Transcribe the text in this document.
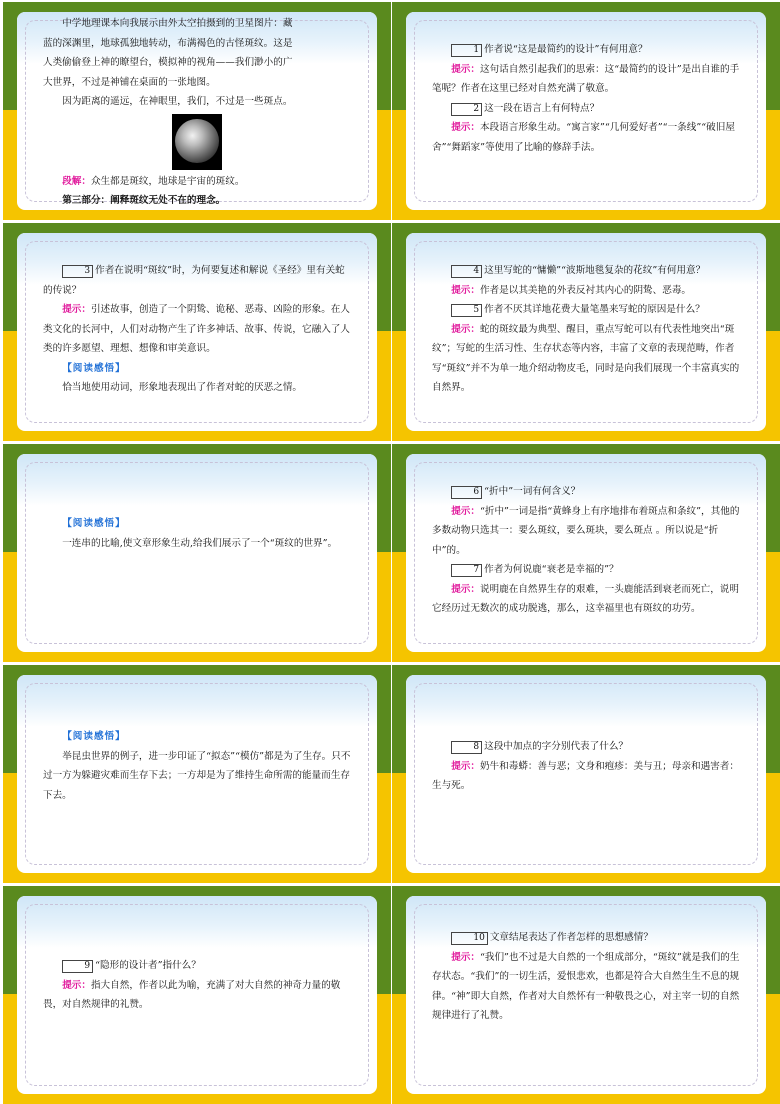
中学地理课本向我展示由外太空拍摄到的卫星图片：藏

蓝的深渊里，地球孤独地转动，布满褐色的古怪斑纹。这是

人类偷偷登上神的瞭望台，模拟神的视角——我们渺小的广

大世界，不过是神铺在桌面的一张地图。

因为距离的遥远，在神眼里，我们，不过是一些斑点。

段解：众生都是斑纹，地球是宇宙的斑纹。

第三部分：阐释斑纹无处不在的理念。

1 作者说“这是最简约的设计”有何用意？

提示：这句话自然引起我们的思索：这“最简约的设计”是出自谁的手笔呢？作者在这里已经对自然充满了敬意。

2 这一段在语言上有何特点？

提示：本段语言形象生动。“寓言家”“几何爱好者”“一条线”“破旧屋舍”“舞蹈家”等使用了比喻的修辞手法。

3 作者在说明“斑纹”时，为何要复述和解说《圣经》里有关蛇的传说？

提示：引述故事，创造了一个阴鸷、诡秘、恶毒、凶险的形象。在人类文化的长河中，人们对动物产生了许多神话、故事、传说，它融入了人类的许多愿望、理想、想像和审美意识。

【阅读感悟】

恰当地使用动词，形象地表现出了作者对蛇的厌恶之情。

4 这里写蛇的“慵懒”“波斯地毯复杂的花纹”有何用意？

提示：作者是以其美艳的外表反衬其内心的阴鸷、恶毒。

5 作者不厌其详地花费大量笔墨来写蛇的原因是什么？

提示：蛇的斑纹最为典型、醒目，重点写蛇可以有代表性地突出“斑纹”；写蛇的生活习性、生存状态等内容，丰富了文章的表现范畴，作者写“斑纹”并不为单一地介绍动物皮毛，同时是向我们展现一个丰富真实的自然界。

【阅读感悟】

一连串的比喻,使文章形象生动,给我们展示了一个“斑纹的世界”。

6 “折中”一词有何含义？

提示：“折中”一词是指“黄蜂身上有序地排布着斑点和条纹”，其他的多数动物只选其一：要么斑纹，要么斑块，要么斑点 。所以说是“折中”的。

7 作者为何说鹿“衰老是幸福的”？

提示：说明鹿在自然界生存的艰难，一头鹿能活到衰老而死亡，说明它经历过无数次的成功脱逃，那么，这幸福里也有斑纹的功劳。

【阅读感悟】

举昆虫世界的例子，进一步印证了“拟态”“模仿”都是为了生存。只不过一方为躲避灾难而生存下去；一方却是为了维持生命所需的能量而生存下去。

8 这段中加点的字分别代表了什么？

提示：奶牛和毒蟒：善与恶；文身和疱疹：美与丑；母亲和遇害者：生与死。

9 “隐形的设计者”指什么？

提示：指大自然，作者以此为喻，充满了对大自然的神奇力量的敬畏，对自然规律的礼赞。

10 文章结尾表达了作者怎样的思想感情？

提示：“我们”也不过是大自然的一个组成部分，“斑纹”就是我们的生存状态。“我们”的一切生活，爱恨悲欢，也都是符合大自然生生不息的规律。“神”即大自然，作者对大自然怀有一种敬畏之心，对主宰一切的自然规律进行了礼赞。
